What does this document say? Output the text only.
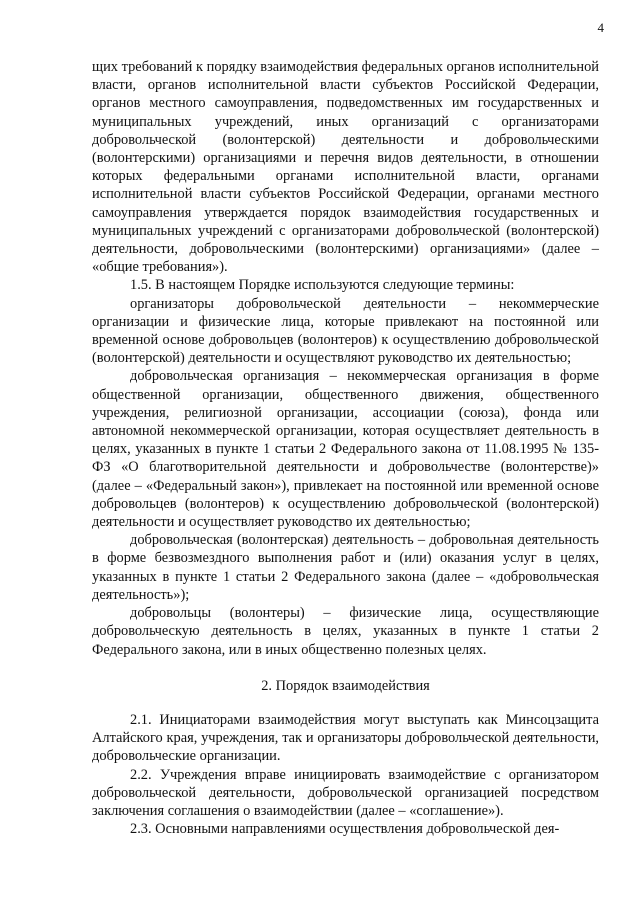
4

щих требований к порядку взаимодействия федеральных органов исполнительной власти, органов исполнительной власти субъектов Российской Федерации, органов местного самоуправления, подведомственных им государственных и муниципальных учреждений, иных организаций с организаторами добровольческой (волонтерской) деятельности и добровольческими (волонтерскими) организациями и перечня видов деятельности, в отношении которых федеральными органами исполнительной власти, органами исполнительной власти субъектов Российской Федерации, органами местного самоуправления утверждается порядок взаимодействия государственных и муниципальных учреждений с организаторами добровольческой (волонтерской) деятельности, добровольческими (волонтерскими) организациями» (далее – «общие требования»).

1.5. В настоящем Порядке используются следующие термины:

организаторы добровольческой деятельности – некоммерческие организации и физические лица, которые привлекают на постоянной или временной основе добровольцев (волонтеров) к осуществлению добровольческой (волонтерской) деятельности и осуществляют руководство их деятельностью;

добровольческая организация – некоммерческая организация в форме общественной организации, общественного движения, общественного учреждения, религиозной организации, ассоциации (союза), фонда или автономной некоммерческой организации, которая осуществляет деятельность в целях, указанных в пункте 1 статьи 2 Федерального закона от 11.08.1995 № 135-ФЗ «О благотворительной деятельности и добровольчестве (волонтерстве)» (далее – «Федеральный закон»), привлекает на постоянной или временной основе добровольцев (волонтеров) к осуществлению добровольческой (волонтерской) деятельности и осуществляет руководство их деятельностью;

добровольческая (волонтерская) деятельность – добровольная деятельность в форме безвозмездного выполнения работ и (или) оказания услуг в целях, указанных в пункте 1 статьи 2 Федерального закона (далее – «добровольческая деятельность»);

добровольцы (волонтеры) – физические лица, осуществляющие добровольческую деятельность в целях, указанных в пункте 1 статьи 2 Федерального закона, или в иных общественно полезных целях.

2. Порядок взаимодействия

2.1. Инициаторами взаимодействия могут выступать как Минсоцзащита Алтайского края, учреждения, так и организаторы добровольческой деятельности, добровольческие организации.

2.2. Учреждения вправе инициировать взаимодействие с организатором добровольческой деятельности, добровольческой организацией посредством заключения соглашения о взаимодействии (далее – «соглашение»).

2.3. Основными направлениями осуществления добровольческой дея-
